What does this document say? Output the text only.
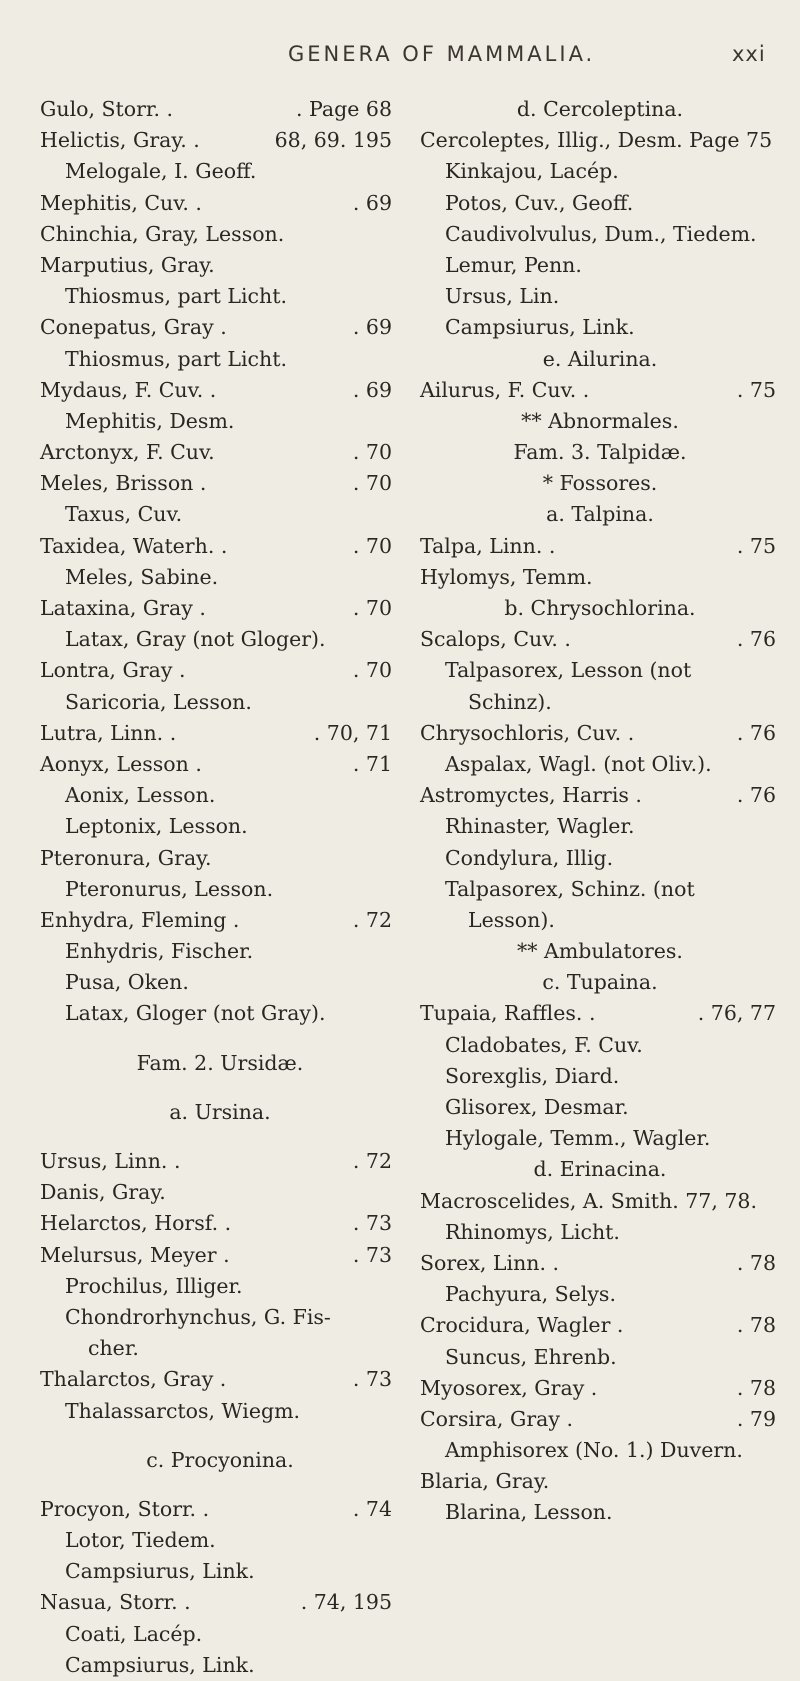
GENERA OF MAMMALIA.	xxi
Gulo, Storr. .	. Page 68
Helictis, Gray. .	68, 69. 195
Melogale, I. Geoff.
Mephitis, Cuv. .	. 69
Chinchia, Gray, Lesson.
Marputius, Gray.
Thiosmus, part Licht.
Conepatus, Gray .	. 69
Thiosmus, part Licht.
Mydaus, F. Cuv. .	. 69
Mephitis, Desm.
Arctonyx, F. Cuv.	. 70
Meles, Brisson .	. 70
Taxus, Cuv.
Taxidea, Waterh. .	. 70
Meles, Sabine.
Lataxina, Gray .	. 70
Latax, Gray (not Gloger).
Lontra, Gray .	. 70
Saricoria, Lesson.
Lutra, Linn. .	. 70, 71
Aonyx, Lesson .	. 71
Aonix, Lesson.
Leptonix, Lesson.
Pteronura, Gray.
Pteronurus, Lesson.
Enhydra, Fleming .	. 72
Enhydris, Fischer.
Pusa, Oken.
Latax, Gloger (not Gray).
Fam. 2. Ursidæ.
a. Ursina.
Ursus, Linn. .	. 72
Danis, Gray.
Helarctos, Horsf. .	. 73
Melursus, Meyer .	. 73
Prochilus, Illiger.
Chondrorhynchus, G. Fis-
cher.
Thalarctos, Gray .	. 73
Thalassarctos, Wiegm.
c. Procyonina.
Procyon, Storr. .	. 74
Lotor, Tiedem.
Campsiurus, Link.
Nasua, Storr. .	. 74, 195
Coati, Lacép.
Campsiurus, Link.
d. Cercoleptina.
Cercoleptes, Illig., Desm. Page 75
Kinkajou, Lacép.
Potos, Cuv., Geoff.
Caudivolvulus, Dum., Tiedem.
Lemur, Penn.
Ursus, Lin.
Campsiurus, Link.
e. Ailurina.
Ailurus, F. Cuv. .	. 75
** Abnormales.
Fam. 3. Talpidæ.
* Fossores.
a. Talpina.
Talpa, Linn. .	. 75
Hylomys, Temm.
b. Chrysochlorina.
Scalops, Cuv. .	. 76
Talpasorex, Lesson (not
Schinz).
Chrysochloris, Cuv. .	. 76
Aspalax, Wagl. (not Oliv.).
Astromyctes, Harris .	. 76
Rhinaster, Wagler.
Condylura, Illig.
Talpasorex, Schinz. (not
Lesson).
** Ambulatores.
c. Tupaina.
Tupaia, Raffles. .	. 76, 77
Cladobates, F. Cuv.
Sorexglis, Diard.
Glisorex, Desmar.
Hylogale, Temm., Wagler.
d. Erinacina.
Macroscelides, A. Smith. 77, 78.
Rhinomys, Licht.
Sorex, Linn. .	. 78
Pachyura, Selys.
Crocidura, Wagler .	. 78
Suncus, Ehrenb.
Myosorex, Gray .	. 78
Corsira, Gray .	. 79
Amphisorex (No. 1.) Duvern.
Blaria, Gray.
Blarina, Lesson.
